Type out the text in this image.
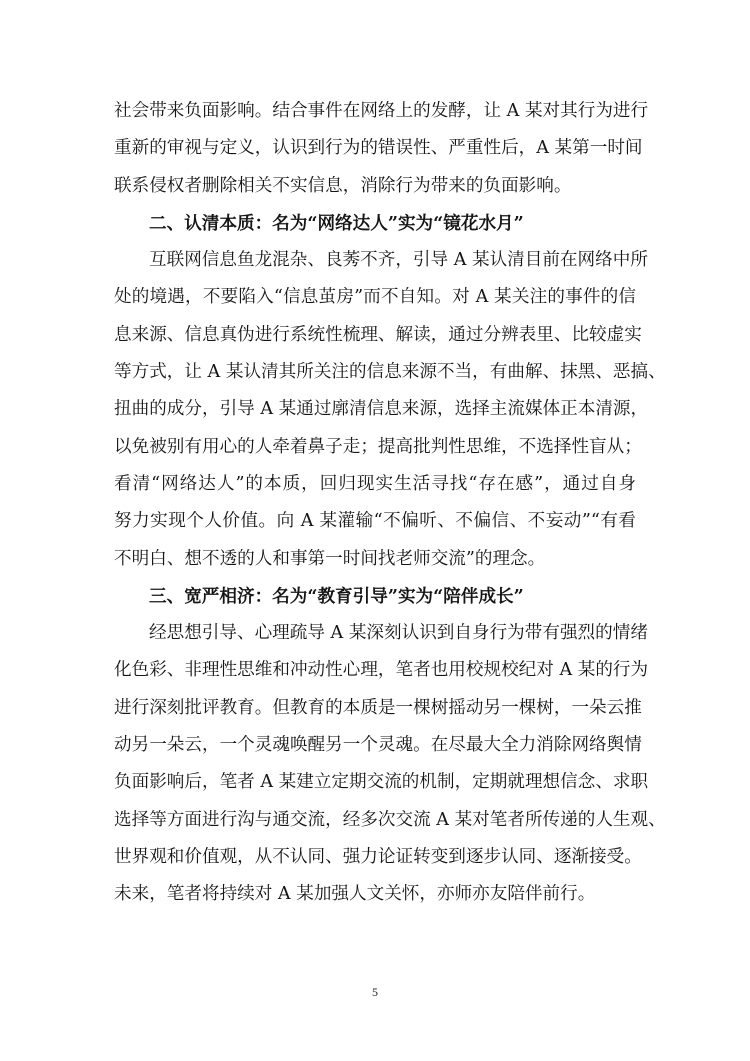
社会带来负面影响。结合事件在网络上的发酵，让 A 某对其行为进行
重新的审视与定义，认识到行为的错误性、严重性后，A 某第一时间
联系侵权者删除相关不实信息，消除行为带来的负面影响。
二、认清本质：名为“网络达人”实为“镜花水月”
互联网信息鱼龙混杂、良莠不齐，引导 A 某认清目前在网络中所
处的境遇，不要陷入“信息茧房”而不自知。对 A 某关注的事件的信
息来源、信息真伪进行系统性梳理、解读，通过分辨表里、比较虚实
等方式，让 A 某认清其所关注的信息来源不当，有曲解、抹黑、恶搞、
扭曲的成分，引导 A 某通过廓清信息来源，选择主流媒体正本清源，
以免被别有用心的人牵着鼻子走；提高批判性思维，不选择性盲从；
看清“网络达人”的本质，回归现实生活寻找“存在感”，通过自身
努力实现个人价值。向 A 某灌输“不偏听、不偏信、不妄动”“有看
不明白、想不透的人和事第一时间找老师交流”的理念。
三、宽严相济：名为“教育引导”实为“陪伴成长”
经思想引导、心理疏导 A 某深刻认识到自身行为带有强烈的情绪
化色彩、非理性思维和冲动性心理，笔者也用校规校纪对 A 某的行为
进行深刻批评教育。但教育的本质是一棵树摇动另一棵树，一朵云推
动另一朵云，一个灵魂唤醒另一个灵魂。在尽最大全力消除网络舆情
负面影响后，笔者 A 某建立定期交流的机制，定期就理想信念、求职
选择等方面进行沟与通交流，经多次交流 A 某对笔者所传递的人生观、
世界观和价值观，从不认同、强力论证转变到逐步认同、逐渐接受。
未来，笔者将持续对 A 某加强人文关怀，亦师亦友陪伴前行。
5
